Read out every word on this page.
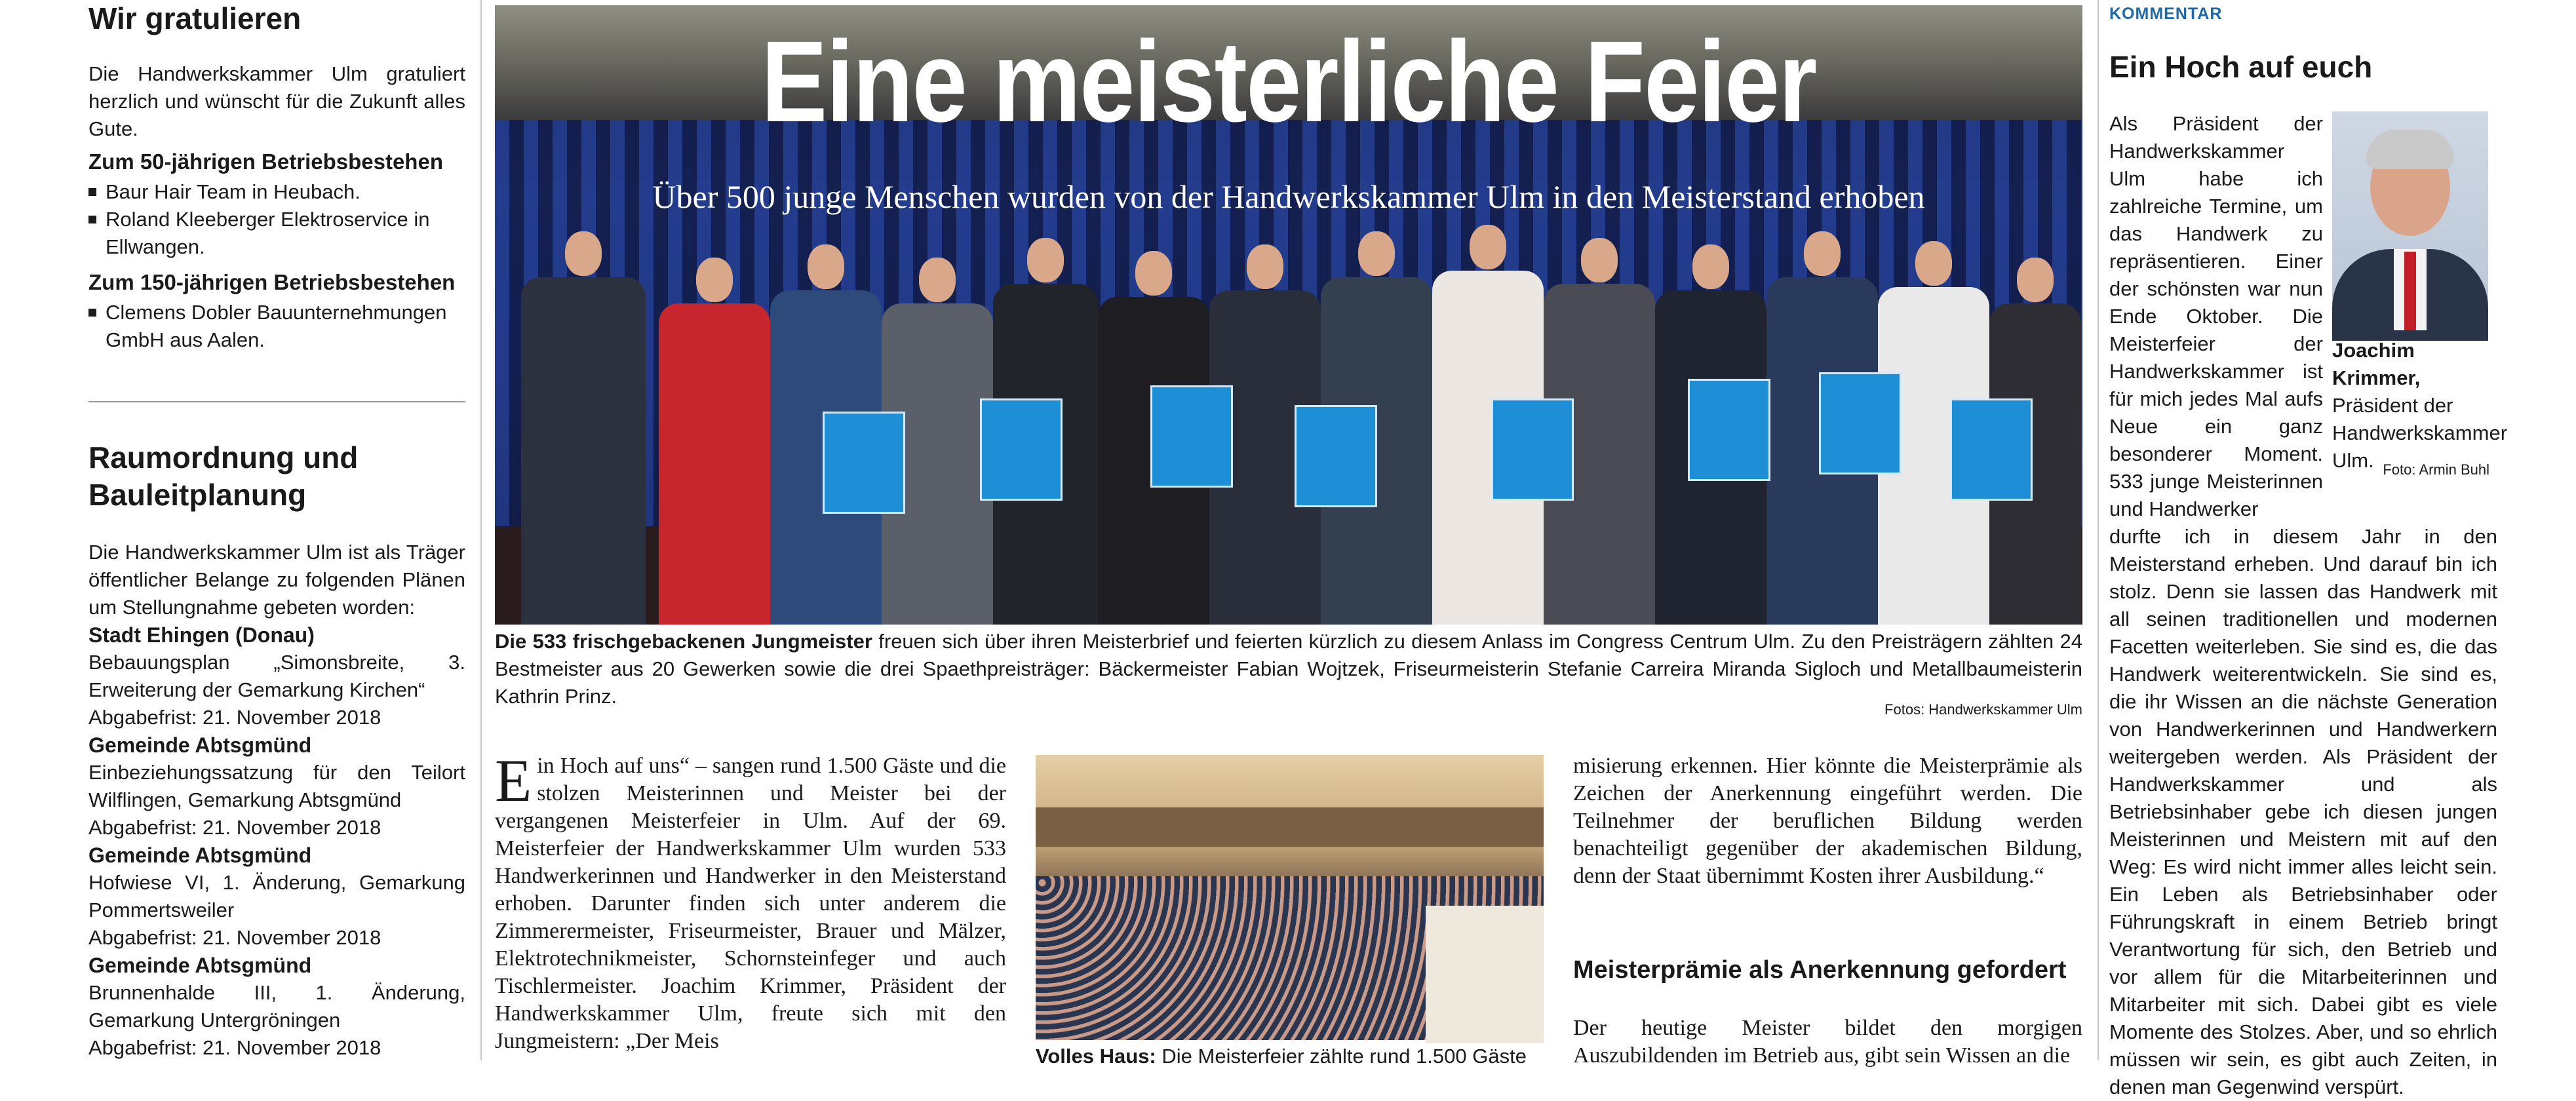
Wir gratulieren
Die Handwerkskammer Ulm gratuliert herzlich und wünscht für die Zukunft alles Gute.
Zum 50-jährigen Betriebsbestehen
Baur Hair Team in Heubach.
Roland Kleeberger Elektroservice in Ellwangen.
Zum 150-jährigen Betriebsbestehen
Clemens Dobler Bauunternehmungen GmbH aus Aalen.
Raumordnung und
Bauleitplanung
Die Handwerkskammer Ulm ist als Träger öffentlicher Belange zu folgenden Plänen um Stellungnahme gebeten worden:
Stadt Ehingen (Donau)
Bebauungsplan „Simonsbreite, 3. Erweiterung der Gemarkung Kirchen“
Abgabefrist: 21. November 2018
Gemeinde Abtsgmünd
Einbeziehungssatzung für den Teilort Wilflingen, Gemarkung Abtsgmünd
Abgabefrist: 21. November 2018
Gemeinde Abtsgmünd
Hofwiese VI, 1. Änderung, Gemarkung Pommertsweiler
Abgabefrist: 21. November 2018
Gemeinde Abtsgmünd
Brunnenhalde III, 1. Änderung, Gemarkung Untergröningen
Abgabefrist: 21. November 2018
Eine meisterliche Feier
Über 500 junge Menschen wurden von der Handwerkskammer Ulm in den Meisterstand erhoben
Die 533 frischgebackenen Jungmeister freuen sich über ihren Meisterbrief und feierten kürzlich zu diesem Anlass im Congress Centrum Ulm. Zu den Preisträgern zählten 24 Bestmeister aus 20 Gewerken sowie die drei Spaethpreisträger: Bäckermeister Fabian Wojtzek, Friseurmeisterin Stefanie Carreira Miranda Sigloch und Metallbaumeisterin Kathrin Prinz.
Fotos: Handwerkskammer Ulm
Ein Hoch auf uns“ – sangen rund 1.500 Gäste und die stolzen Meisterinnen und Meister bei der vergangenen Meisterfeier in Ulm. Auf der 69. Meisterfeier der Handwerkskammer Ulm wurden 533 Handwerkerinnen und Handwerker in den Meisterstand erhoben. Darunter finden sich unter anderem die Zimmerermeister, Friseurmeister, Brauer und Mälzer, Elektrotechnikmeister, Schornsteinfeger und auch Tischlermeister. Joachim Krimmer, Präsident der Handwerkskammer Ulm, freute sich mit den Jungmeistern: „Der Meis
Volles Haus: Die Meisterfeier zählte rund 1.500 Gäste
misierung erkennen. Hier könnte die Meisterprämie als Zeichen der Anerkennung eingeführt werden. Die Teilnehmer der beruflichen Bildung werden benachteiligt gegenüber der akademischen Bildung, denn der Staat übernimmt Kosten ihrer Ausbildung.“
Meisterprämie als Anerkennung gefordert
Der heutige Meister bildet den morgigen Auszubildenden im Betrieb aus, gibt sein Wissen an die
KOMMENTAR
Ein Hoch auf euch
Als Präsident der Handwerkskammer Ulm habe ich zahlreiche Termine, um das Handwerk zu repräsentieren. Einer der schönsten war nun Ende Oktober. Die Meisterfeier der Handwerkskammer ist für mich jedes Mal aufs Neue ein ganz besonderer Moment. 533 junge Meisterinnen und Handwerker
Joachim Krimmer, Präsident der Handwerkskammer Ulm. Foto: Armin Buhl
durfte ich in diesem Jahr in den Meisterstand erheben. Und darauf bin ich stolz. Denn sie lassen das Handwerk mit all seinen traditionellen und modernen Facetten weiterleben. Sie sind es, die das Handwerk weiterentwickeln. Sie sind es, die ihr Wissen an die nächste Generation von Handwerkerinnen und Handwerkern weitergeben werden. Als Präsident der Handwerkskammer und als Betriebsinhaber gebe ich diesen jungen Meisterinnen und Meistern mit auf den Weg: Es wird nicht immer alles leicht sein. Ein Leben als Betriebsinhaber oder Führungskraft in einem Betrieb bringt Verantwortung für sich, den Betrieb und vor allem für die Mitarbeiterinnen und Mitarbeiter mit sich. Dabei gibt es viele Momente des Stolzes. Aber, und so ehrlich müssen wir sein, es gibt auch Zeiten, in denen man Gegenwind verspürt.
